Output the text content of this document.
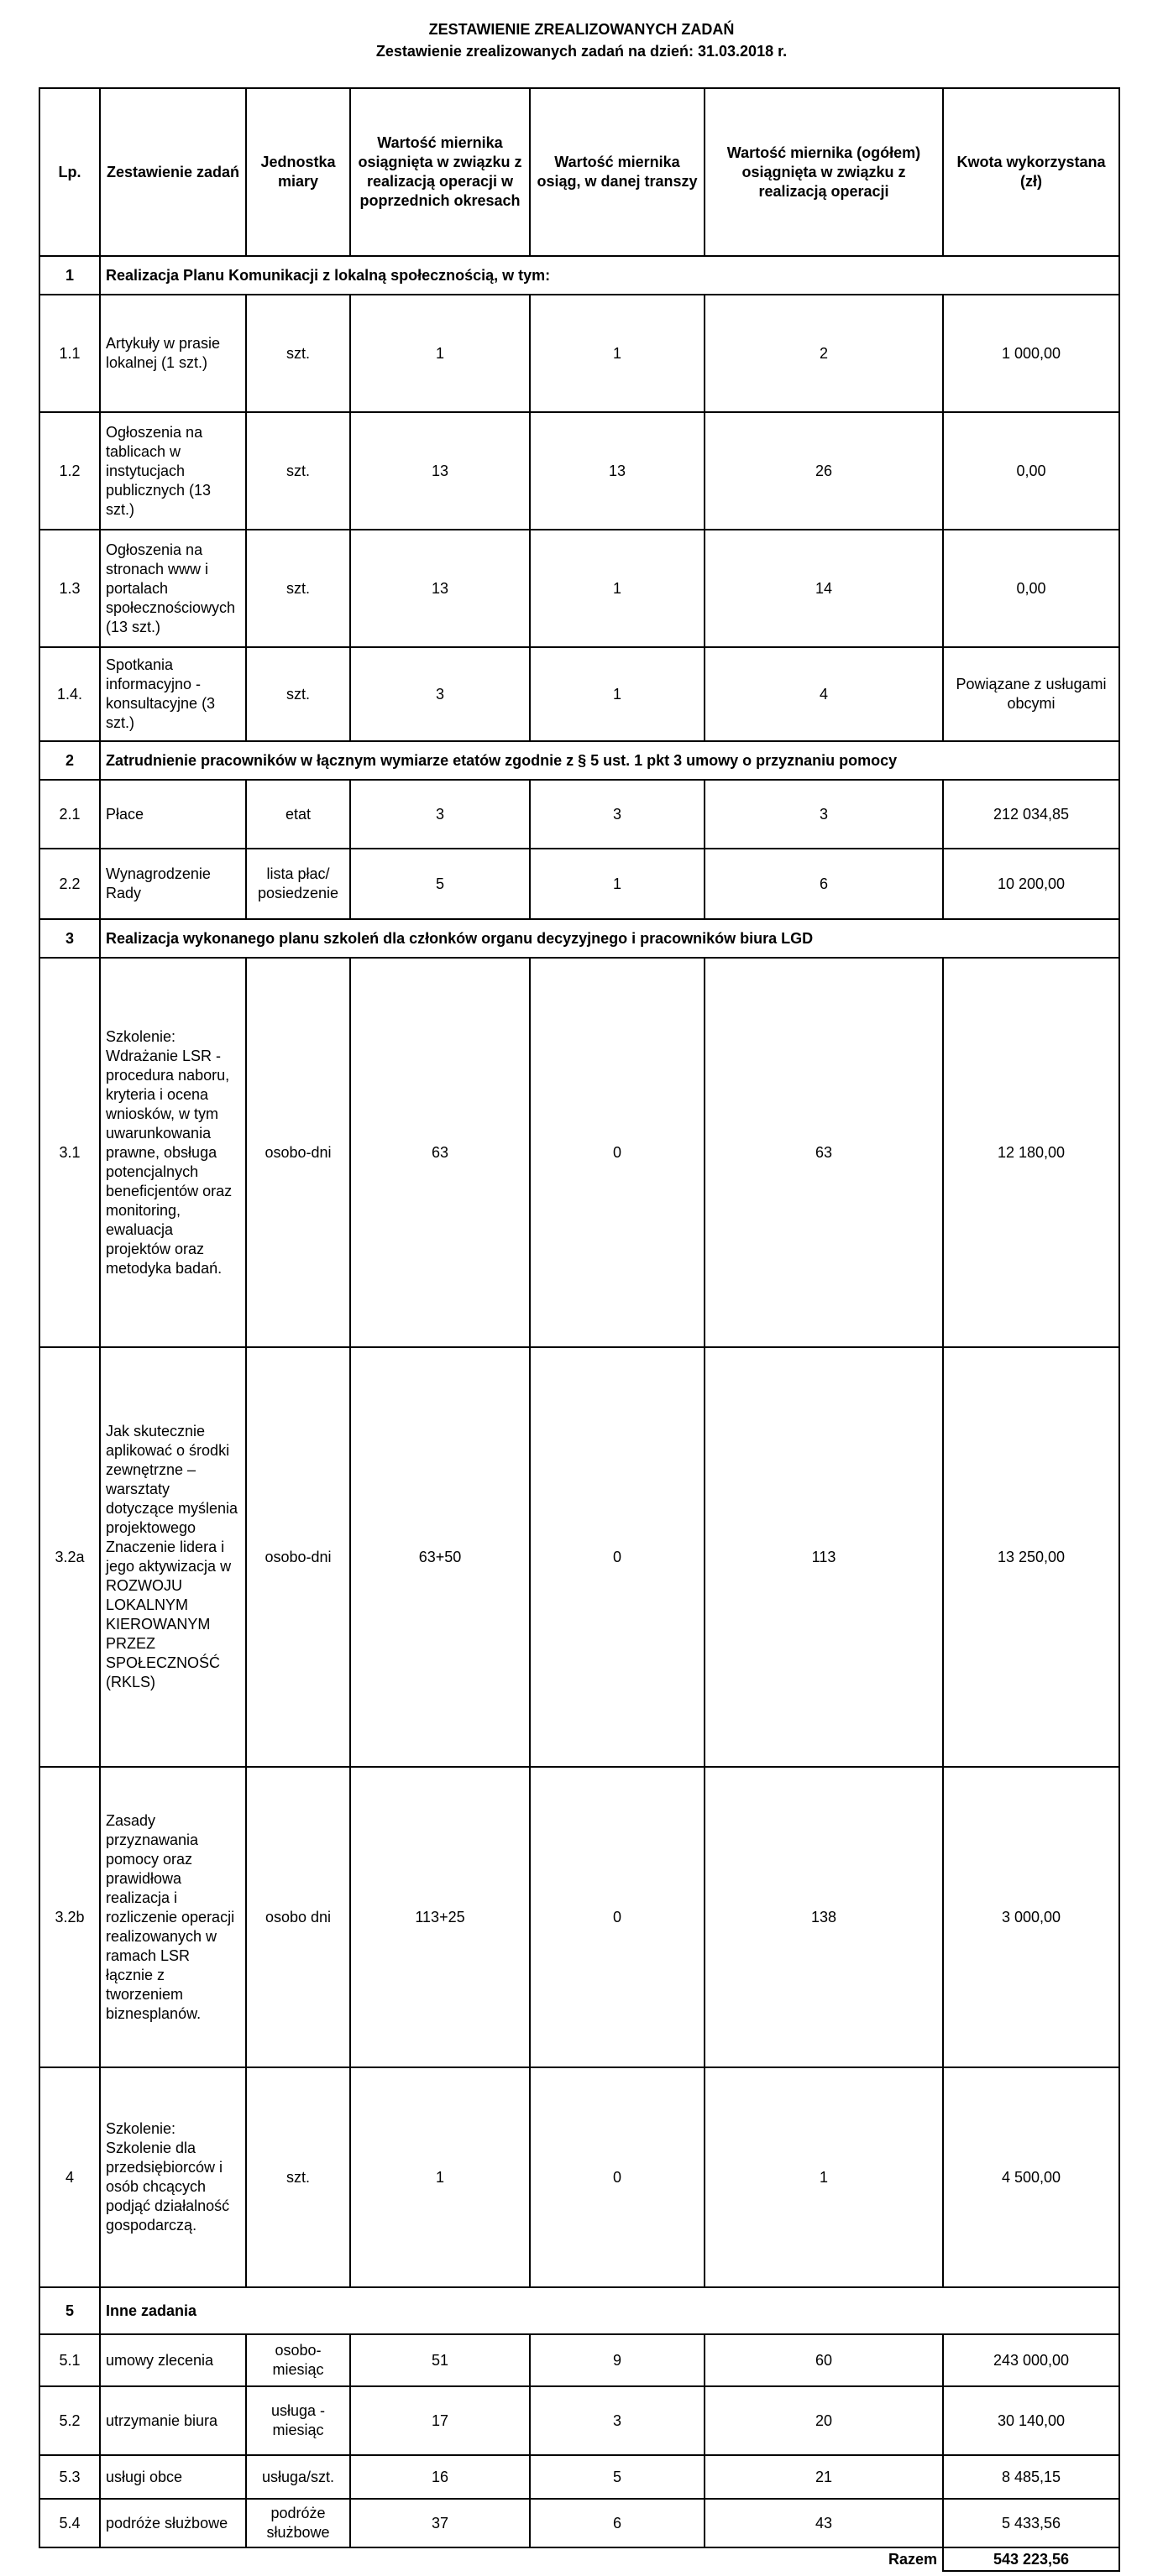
ZESTAWIENIE ZREALIZOWANYCH ZADAŃ
Zestawienie zrealizowanych zadań na dzień: 31.03.2018 r.
Lp.	Zestawienie zadań	Jednostka miary	Wartość miernika osiągnięta w związku z realizacją operacji w poprzednich okresach	Wartość miernika osiąg, w danej transzy	Wartość miernika (ogółem) osiągnięta w związku z realizacją operacji	Kwota wykorzystana (zł)
1	Realizacja Planu Komunikacji z lokalną społecznością, w tym:					
1.1	Artykuły w prasie lokalnej (1 szt.)	szt.	1	1	2	1 000,00
1.2	Ogłoszenia na tablicach w instytucjach publicznych (13 szt.)	szt.	13	13	26	0,00
1.3	Ogłoszenia na stronach www i portalach społecznościowych (13 szt.)	szt.	13	1	14	0,00
1.4.	Spotkania informacyjno - konsultacyjne (3 szt.)	szt.	3	1	4	Powiązane z usługami obcymi
2	Zatrudnienie pracowników w łącznym wymiarze etatów zgodnie z § 5 ust. 1 pkt 3 umowy o przyznaniu pomocy					
2.1	Płace	etat	3	3	3	212 034,85
2.2	Wynagrodzenie Rady	lista płac/ posiedzenie	5	1	6	10 200,00
3	Realizacja wykonanego planu szkoleń dla członków organu decyzyjnego i pracowników biura LGD					
3.1	Szkolenie: Wdrażanie LSR - procedura naboru, kryteria i ocena wniosków, w tym uwarunkowania prawne, obsługa potencjalnych beneficjentów oraz monitoring, ewaluacja projektów oraz metodyka badań.	osobo-dni	63	0	63	12 180,00
3.2a	Jak skutecznie aplikować o środki zewnętrzne – warsztaty dotyczące myślenia projektowego Znaczenie lidera i jego aktywizacja w ROZWOJU LOKALNYM KIEROWANYM PRZEZ SPOŁECZNOŚĆ (RKLS)	osobo-dni	63+50	0	113	13 250,00
3.2b	Zasady przyznawania pomocy oraz prawidłowa realizacja i rozliczenie operacji realizowanych w ramach LSR łącznie z tworzeniem biznesplanów.	osobo dni	113+25	0	138	3 000,00
4	Szkolenie: Szkolenie dla przedsiębiorców i osób chcących podjąć działalność gospodarczą.	szt.	1	0	1	4 500,00
5	Inne zadania					
5.1	umowy zlecenia	osobo-miesiąc	51	9	60	243 000,00
5.2	utrzymanie biura	usługa - miesiąc	17	3	20	30 140,00
5.3	usługi obce	usługa/szt.	16	5	21	8 485,15
5.4	podróże służbowe	podróże służbowe	37	6	43	5 433,56
Razem						543 223,56
